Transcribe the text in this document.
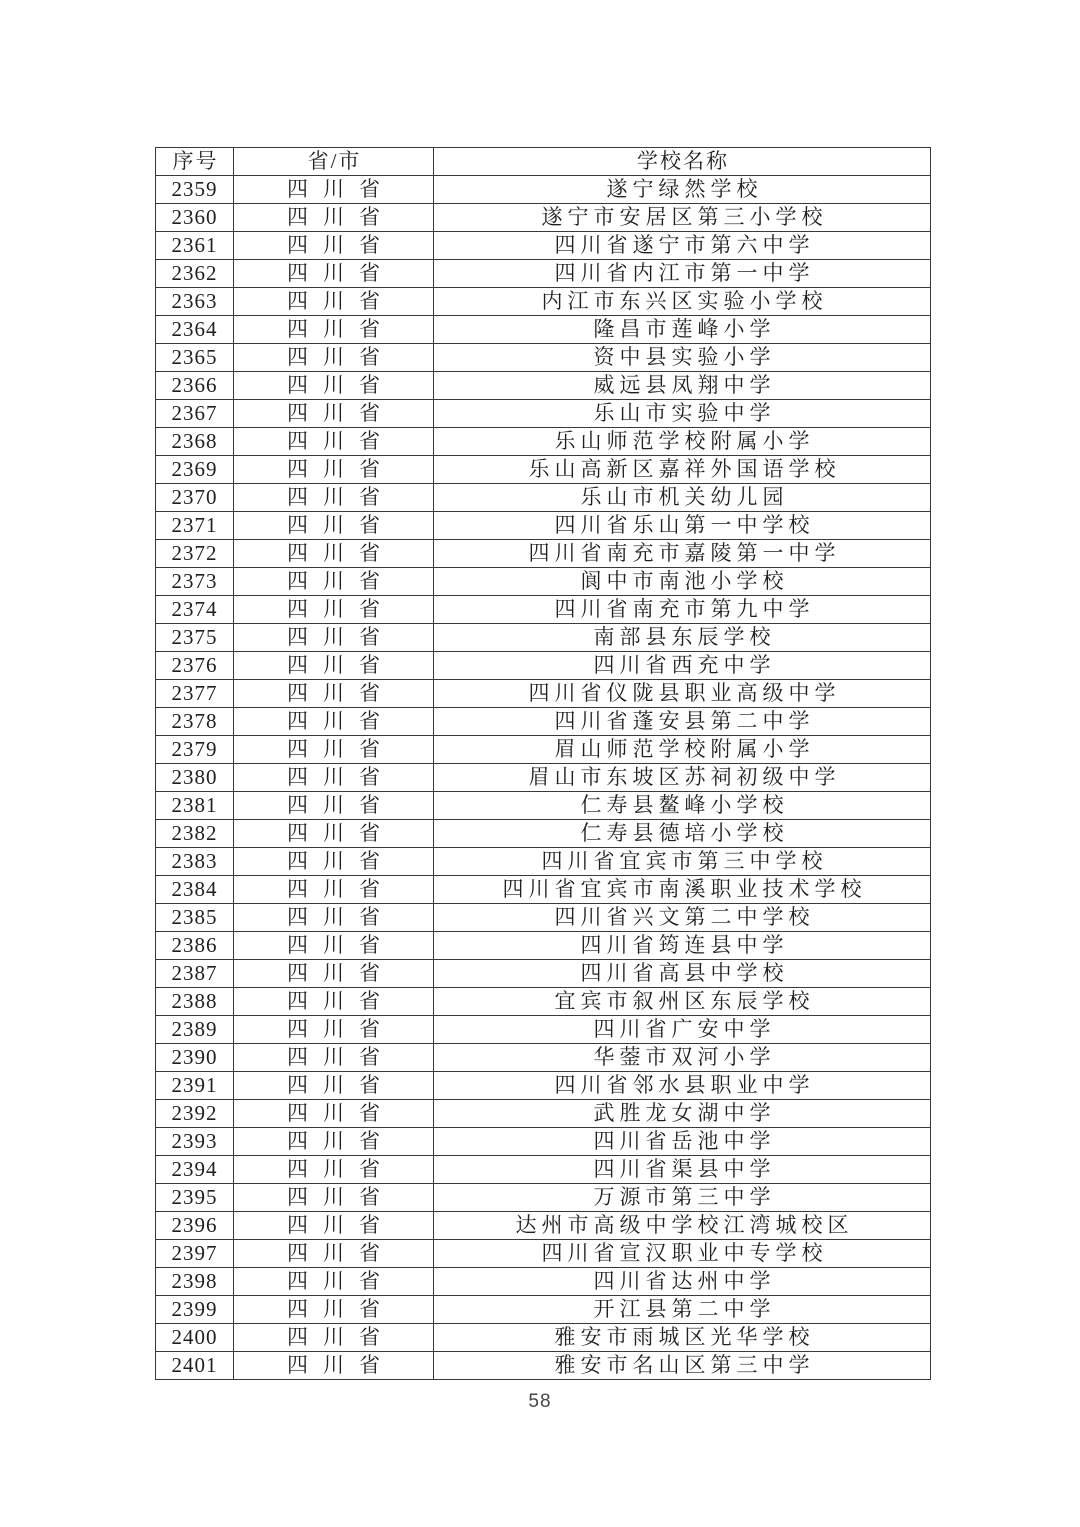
序号	省/市	学校名称
2359	四川省	遂宁绿然学校
2360	四川省	遂宁市安居区第三小学校
2361	四川省	四川省遂宁市第六中学
2362	四川省	四川省内江市第一中学
2363	四川省	内江市东兴区实验小学校
2364	四川省	隆昌市莲峰小学
2365	四川省	资中县实验小学
2366	四川省	威远县凤翔中学
2367	四川省	乐山市实验中学
2368	四川省	乐山师范学校附属小学
2369	四川省	乐山高新区嘉祥外国语学校
2370	四川省	乐山市机关幼儿园
2371	四川省	四川省乐山第一中学校
2372	四川省	四川省南充市嘉陵第一中学
2373	四川省	阆中市南池小学校
2374	四川省	四川省南充市第九中学
2375	四川省	南部县东辰学校
2376	四川省	四川省西充中学
2377	四川省	四川省仪陇县职业高级中学
2378	四川省	四川省蓬安县第二中学
2379	四川省	眉山师范学校附属小学
2380	四川省	眉山市东坡区苏祠初级中学
2381	四川省	仁寿县鳌峰小学校
2382	四川省	仁寿县德培小学校
2383	四川省	四川省宜宾市第三中学校
2384	四川省	四川省宜宾市南溪职业技术学校
2385	四川省	四川省兴文第二中学校
2386	四川省	四川省筠连县中学
2387	四川省	四川省高县中学校
2388	四川省	宜宾市叙州区东辰学校
2389	四川省	四川省广安中学
2390	四川省	华蓥市双河小学
2391	四川省	四川省邻水县职业中学
2392	四川省	武胜龙女湖中学
2393	四川省	四川省岳池中学
2394	四川省	四川省渠县中学
2395	四川省	万源市第三中学
2396	四川省	达州市高级中学校江湾城校区
2397	四川省	四川省宣汉职业中专学校
2398	四川省	四川省达州中学
2399	四川省	开江县第二中学
2400	四川省	雅安市雨城区光华学校
2401	四川省	雅安市名山区第三中学
58
